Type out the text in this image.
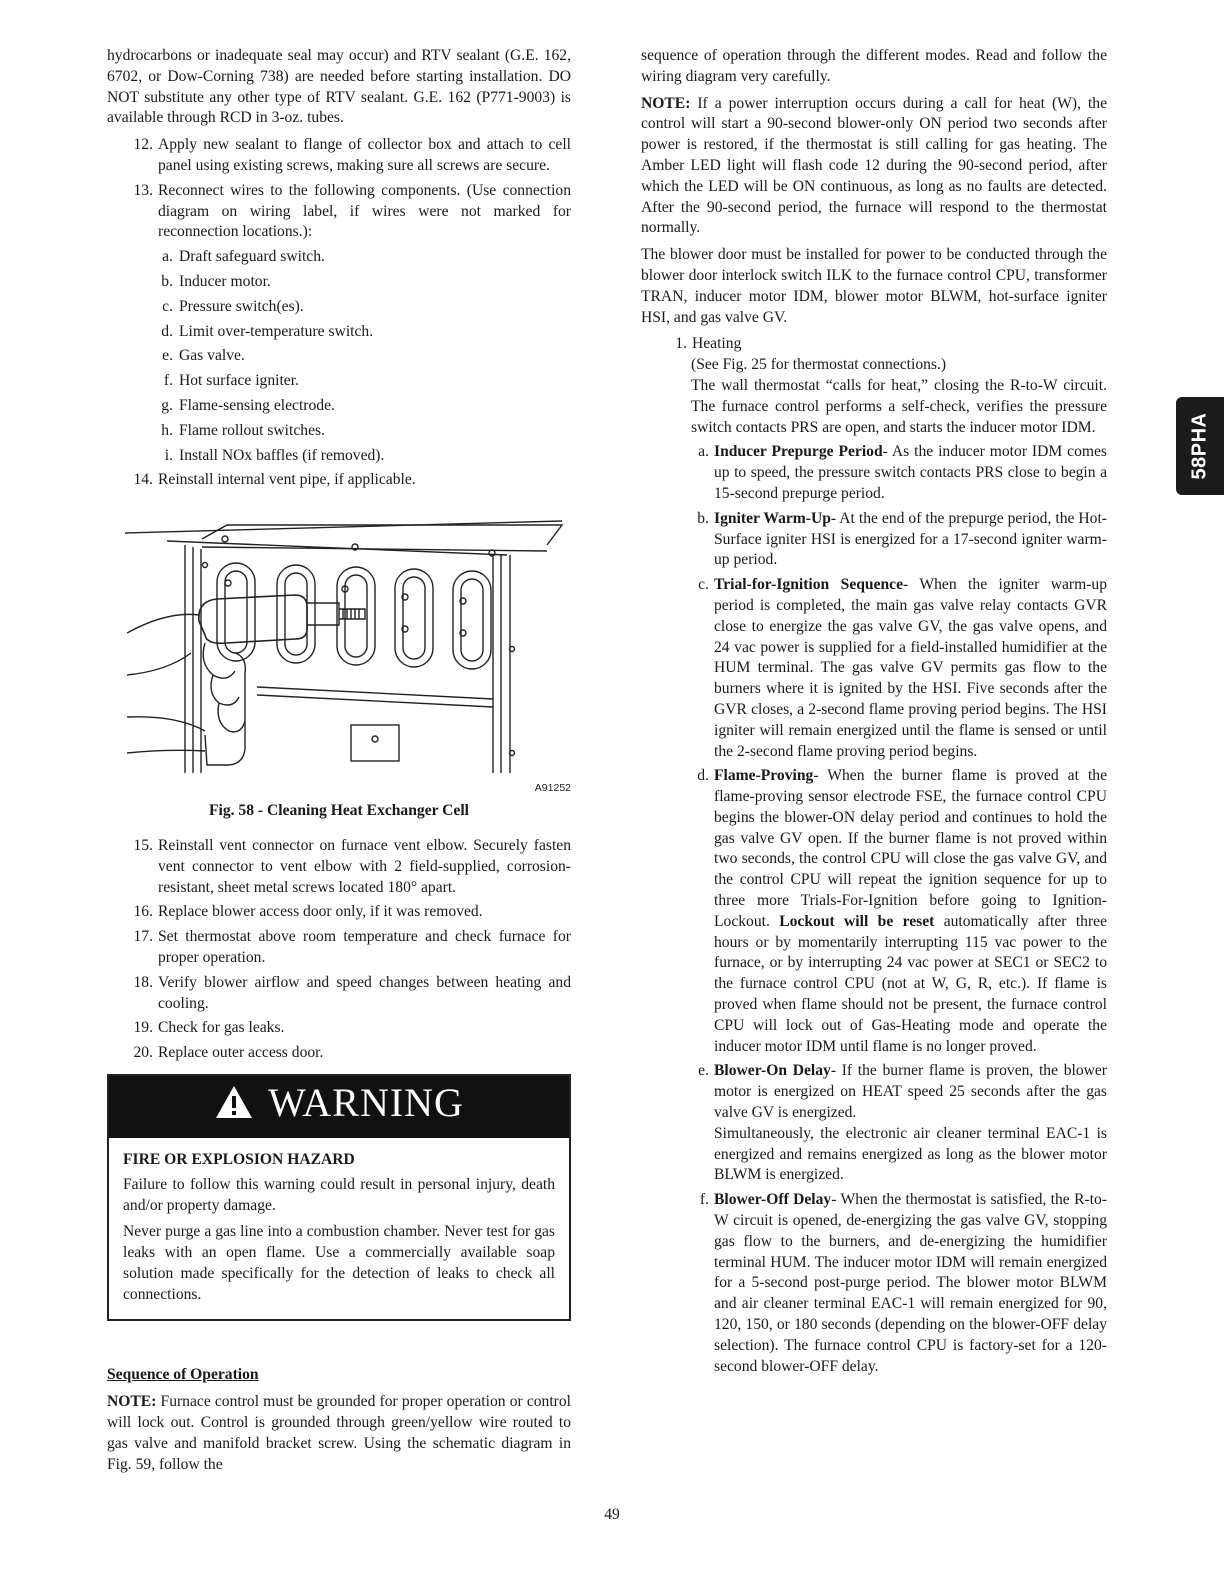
58PHA

hydrocarbons or inadequate seal may occur) and RTV sealant (G.E. 162, 6702, or Dow-Corning 738) are needed before starting installation. DO NOT substitute any other type of RTV sealant. G.E. 162 (P771-9003) is available through RCD in 3-oz. tubes.

12. Apply new sealant to flange of collector box and attach to cell panel using existing screws, making sure all screws are secure.
13. Reconnect wires to the following components. (Use connection diagram on wiring label, if wires were not marked for reconnection locations.):
a. Draft safeguard switch.
b. Inducer motor.
c. Pressure switch(es).
d. Limit over-temperature switch.
e. Gas valve.
f. Hot surface igniter.
g. Flame-sensing electrode.
h. Flame rollout switches.
i. Install NOx baffles (if removed).
14. Reinstall internal vent pipe, if applicable.
A91252
Fig. 58 - Cleaning Heat Exchanger Cell
15. Reinstall vent connector on furnace vent elbow. Securely fasten vent connector to vent elbow with 2 field-supplied, corrosion-resistant, sheet metal screws located 180° apart.
16. Replace blower access door only, if it was removed.
17. Set thermostat above room temperature and check furnace for proper operation.
18. Verify blower airflow and speed changes between heating and cooling.
19. Check for gas leaks.
20. Replace outer access door.
WARNING
FIRE OR EXPLOSION HAZARD

Failure to follow this warning could result in personal injury, death and/or property damage.

Never purge a gas line into a combustion chamber. Never test for gas leaks with an open flame. Use a commercially available soap solution made specifically for the detection of leaks to check all connections.

Sequence of Operation

NOTE: Furnace control must be grounded for proper operation or control will lock out. Control is grounded through green/yellow wire routed to gas valve and manifold bracket screw. Using the schematic diagram in Fig. 59, follow the

sequence of operation through the different modes. Read and follow the wiring diagram very carefully.

NOTE: If a power interruption occurs during a call for heat (W), the control will start a 90-second blower-only ON period two seconds after power is restored, if the thermostat is still calling for gas heating. The Amber LED light will flash code 12 during the 90-second period, after which the LED will be ON continuous, as long as no faults are detected. After the 90-second period, the furnace will respond to the thermostat normally.

The blower door must be installed for power to be conducted through the blower door interlock switch ILK to the furnace control CPU, transformer TRAN, inducer motor IDM, blower motor BLWM, hot-surface igniter HSI, and gas valve GV.

1. Heating
(See Fig. 25 for thermostat connections.)
The wall thermostat “calls for heat,” closing the R-to-W circuit. The furnace control performs a self-check, verifies the pressure switch contacts PRS are open, and starts the inducer motor IDM.
a. Inducer Prepurge Period- As the inducer motor IDM comes up to speed, the pressure switch contacts PRS close to begin a 15-second prepurge period.
b. Igniter Warm-Up- At the end of the prepurge period, the Hot-Surface igniter HSI is energized for a 17-second igniter warm-up period.
c. Trial-for-Ignition Sequence- When the igniter warm-up period is completed, the main gas valve relay contacts GVR close to energize the gas valve GV, the gas valve opens, and 24 vac power is supplied for a field-installed humidifier at the HUM terminal. The gas valve GV permits gas flow to the burners where it is ignited by the HSI. Five seconds after the GVR closes, a 2-second flame proving period begins. The HSI igniter will remain energized until the flame is sensed or until the 2-second flame proving period begins.
d. Flame-Proving- When the burner flame is proved at the flame-proving sensor electrode FSE, the furnace control CPU begins the blower-ON delay period and continues to hold the gas valve GV open. If the burner flame is not proved within two seconds, the control CPU will close the gas valve GV, and the control CPU will repeat the ignition sequence for up to three more Trials-For-Ignition before going to Ignition-Lockout. Lockout will be reset automatically after three hours or by momentarily interrupting 115 vac power to the furnace, or by interrupting 24 vac power at SEC1 or SEC2 to the furnace control CPU (not at W, G, R, etc.). If flame is proved when flame should not be present, the furnace control CPU will lock out of Gas-Heating mode and operate the inducer motor IDM until flame is no longer proved.
e. Blower-On Delay- If the burner flame is proven, the blower motor is energized on HEAT speed 25 seconds after the gas valve GV is energized.
Simultaneously, the electronic air cleaner terminal EAC-1 is energized and remains energized as long as the blower motor BLWM is energized.
f. Blower-Off Delay- When the thermostat is satisfied, the R-to-W circuit is opened, de-energizing the gas valve GV, stopping gas flow to the burners, and de-energizing the humidifier terminal HUM. The inducer motor IDM will remain energized for a 5-second post-purge period. The blower motor BLWM and air cleaner terminal EAC-1 will remain energized for 90, 120, 150, or 180 seconds (depending on the blower-OFF delay selection). The furnace control CPU is factory-set for a 120-second blower-OFF delay.
49
